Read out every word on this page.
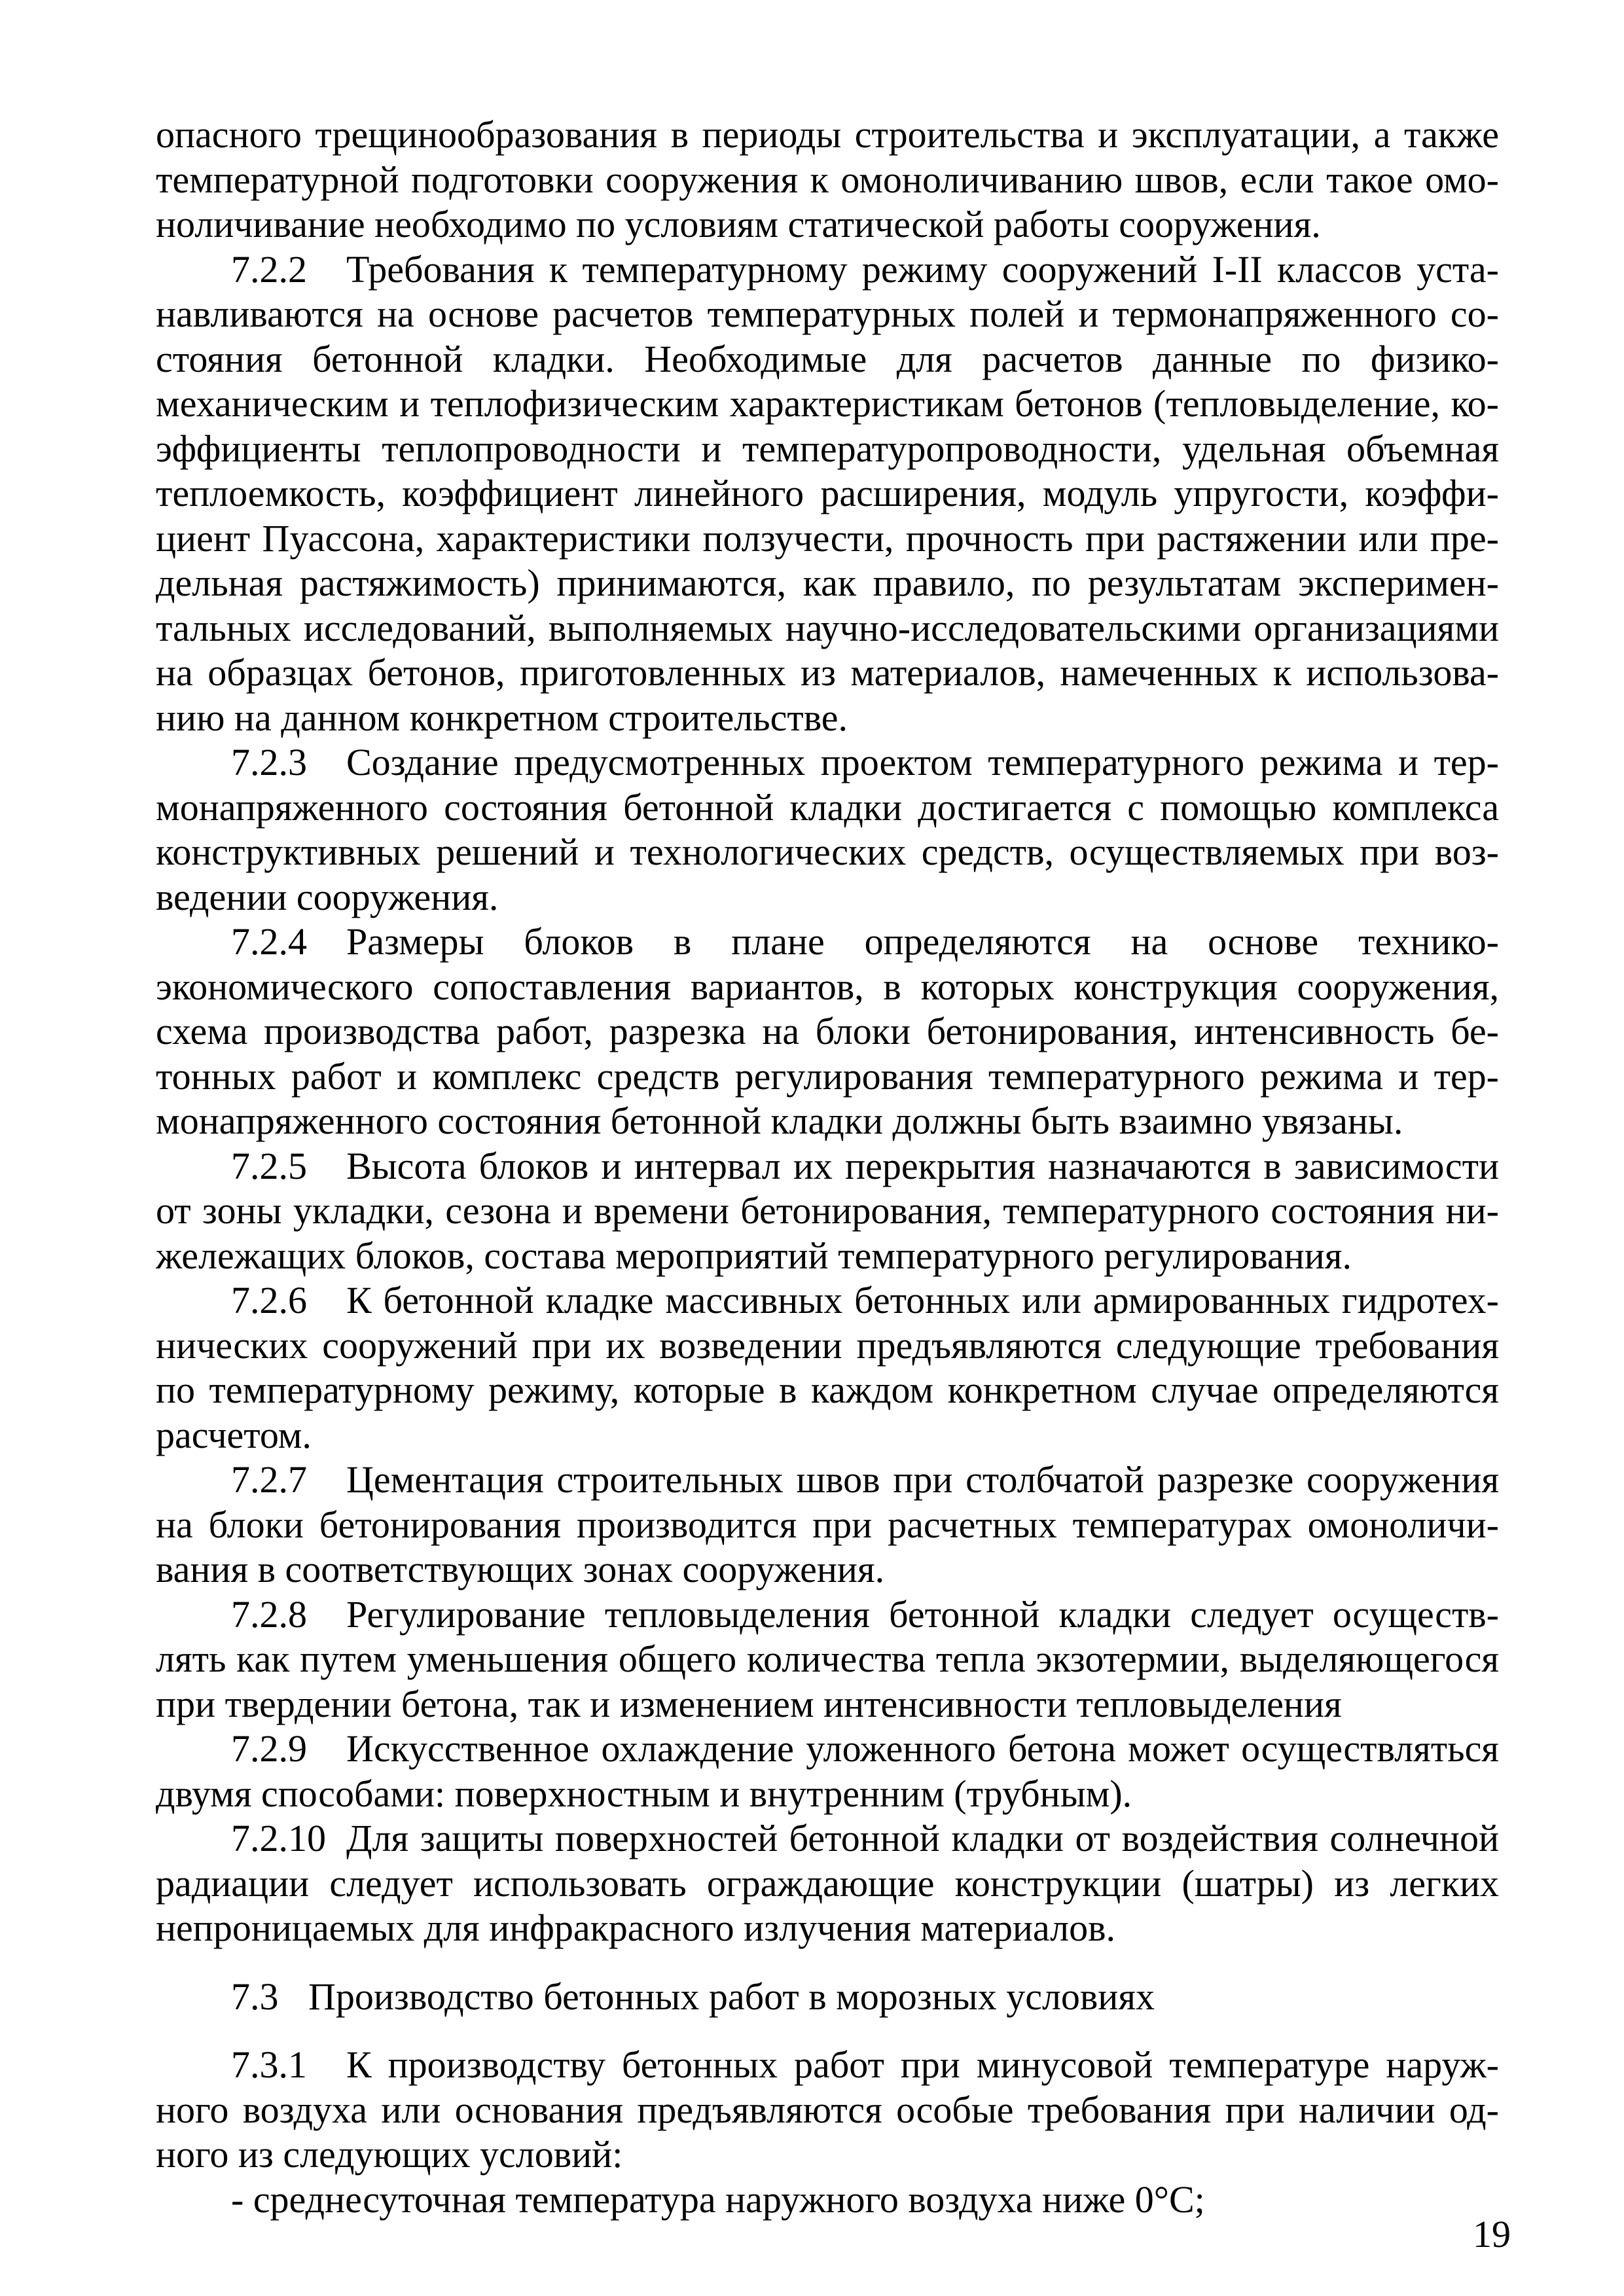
опасного трещинообразования в периоды строительства и эксплуатации, а также
температурной подготовки сооружения к омоноличиванию швов, если такое омо-
ноличивание необходимо по условиям статической работы сооружения.
7.2.2 Требования к температурному режиму сооружений I-II классов уста-
навливаются на основе расчетов температурных полей и термонапряженного со-
стояния бетонной кладки. Необходимые для расчетов данные по физико-
механическим и теплофизическим характеристикам бетонов (тепловыделение, ко-
эффициенты теплопроводности и температуропроводности, удельная объемная
теплоемкость, коэффициент линейного расширения, модуль упругости, коэффи-
циент Пуассона, характеристики ползучести, прочность при растяжении или пре-
дельная растяжимость) принимаются, как правило, по результатам эксперимен-
тальных исследований, выполняемых научно-исследовательскими организациями
на образцах бетонов, приготовленных из материалов, намеченных к использова-
нию на данном конкретном строительстве.
7.2.3 Создание предусмотренных проектом температурного режима и тер-
монапряженного состояния бетонной кладки достигается с помощью комплекса
конструктивных решений и технологических средств, осуществляемых при воз-
ведении сооружения.
7.2.4 Размеры блоков в плане определяются на основе технико-
экономического сопоставления вариантов, в которых конструкция сооружения,
схема производства работ, разрезка на блоки бетонирования, интенсивность бе-
тонных работ и комплекс средств регулирования температурного режима и тер-
монапряженного состояния бетонной кладки должны быть взаимно увязаны.
7.2.5 Высота блоков и интервал их перекрытия назначаются в зависимости
от зоны укладки, сезона и времени бетонирования, температурного состояния ни-
жележащих блоков, состава мероприятий температурного регулирования.
7.2.6 К бетонной кладке массивных бетонных или армированных гидротех-
нических сооружений при их возведении предъявляются следующие требования
по температурному режиму, которые в каждом конкретном случае определяются
расчетом.
7.2.7 Цементация строительных швов при столбчатой разрезке сооружения
на блоки бетонирования производится при расчетных температурах омоноличи-
вания в соответствующих зонах сооружения.
7.2.8 Регулирование тепловыделения бетонной кладки следует осуществ-
лять как путем уменьшения общего количества тепла экзотермии, выделяющегося
при твердении бетона, так и изменением интенсивности тепловыделения
7.2.9 Искусственное охлаждение уложенного бетона может осуществляться
двумя способами: поверхностным и внутренним (трубным).
7.2.10 Для защиты поверхностей бетонной кладки от воздействия солнечной
радиации следует использовать ограждающие конструкции (шатры) из легких
непроницаемых для инфракрасного излучения материалов.
7.3 Производство бетонных работ в морозных условиях
7.3.1 К производству бетонных работ при минусовой температуре наруж-
ного воздуха или основания предъявляются особые требования при наличии од-
ного из следующих условий:
- среднесуточная температура наружного воздуха ниже 0°С;
19
